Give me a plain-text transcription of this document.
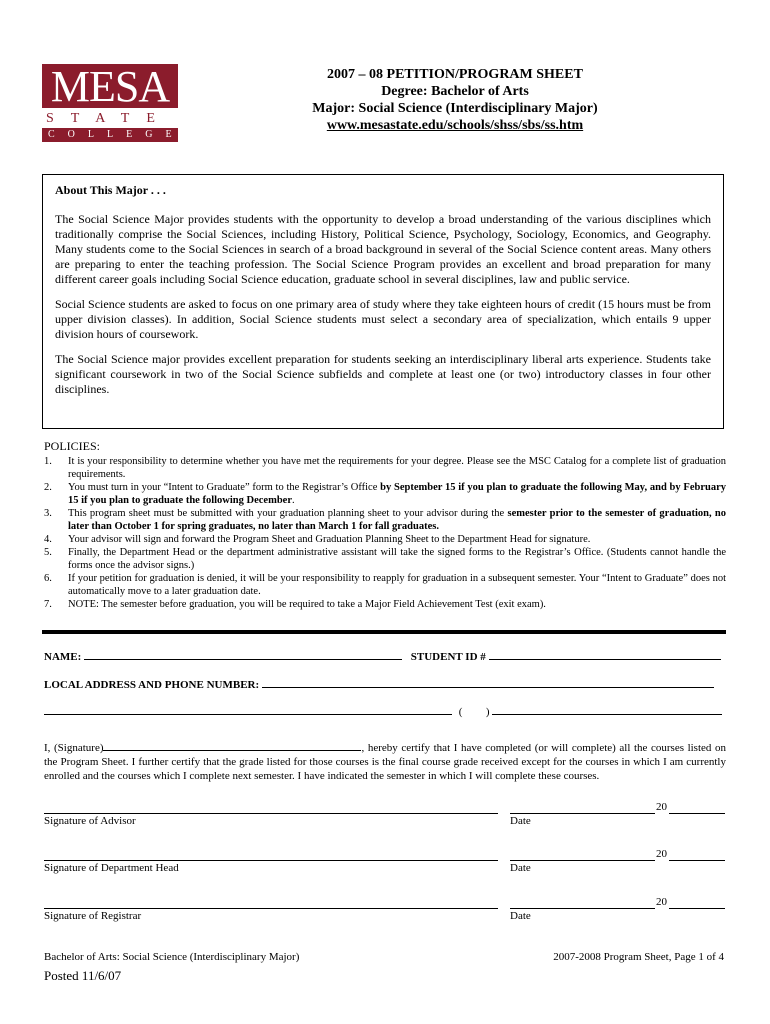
MESA
STATE
COLLEGE
2007 – 08 PETITION/PROGRAM SHEET
Degree: Bachelor of Arts
Major: Social Science (Interdisciplinary Major)
www.mesastate.edu/schools/shss/sbs/ss.htm
About This Major . . .

The Social Science Major provides students with the opportunity to develop a broad understanding of the various disciplines which traditionally comprise the Social Sciences, including History, Political Science, Psychology, Sociology, Economics, and Geography. Many students come to the Social Sciences in search of a broad background in several of the Social Science content areas. Many others are preparing to enter the teaching profession. The Social Science Program provides an excellent and broad preparation for many different career goals including Social Science education, graduate school in several disciplines, law and public service.

Social Science students are asked to focus on one primary area of study where they take eighteen hours of credit (15 hours must be from upper division classes). In addition, Social Science students must select a secondary area of specialization, which entails 9 upper division hours of coursework.

The Social Science major provides excellent preparation for students seeking an interdisciplinary liberal arts experience. Students take significant coursework in two of the Social Science subfields and complete at least one (or two) introductory classes in four other disciplines.

POLICIES:
1. It is your responsibility to determine whether you have met the requirements for your degree. Please see the MSC Catalog for a complete list of graduation requirements.
2. You must turn in your “Intent to Graduate” form to the Registrar’s Office by September 15 if you plan to graduate the following May, and by February 15 if you plan to graduate the following December.
3. This program sheet must be submitted with your graduation planning sheet to your advisor during the semester prior to the semester of graduation, no later than October 1 for spring graduates, no later than March 1 for fall graduates.
4. Your advisor will sign and forward the Program Sheet and Graduation Planning Sheet to the Department Head for signature.
5. Finally, the Department Head or the department administrative assistant will take the signed forms to the Registrar’s Office. (Students cannot handle the forms once the advisor signs.)
6. If your petition for graduation is denied, it will be your responsibility to reapply for graduation in a subsequent semester. Your “Intent to Graduate” does not automatically move to a later graduation date.
7. NOTE: The semester before graduation, you will be required to take a Major Field Achievement Test (exit exam).
NAME:	STUDENT ID #
LOCAL ADDRESS AND PHONE NUMBER:
( )
I, (Signature)	, hereby certify that I have completed (or will complete) all the courses listed on the Program Sheet. I further certify that the grade listed for those courses is the final course grade received except for the courses in which I am currently enrolled and the courses which I complete next semester. I have indicated the semester in which I will complete these courses.
Signature of Advisor
20
Date
Signature of Department Head
20
Date
Signature of Registrar
20
Date
Bachelor of Arts: Social Science (Interdisciplinary Major)	2007-2008 Program Sheet, Page 1 of 4
Posted 11/6/07
